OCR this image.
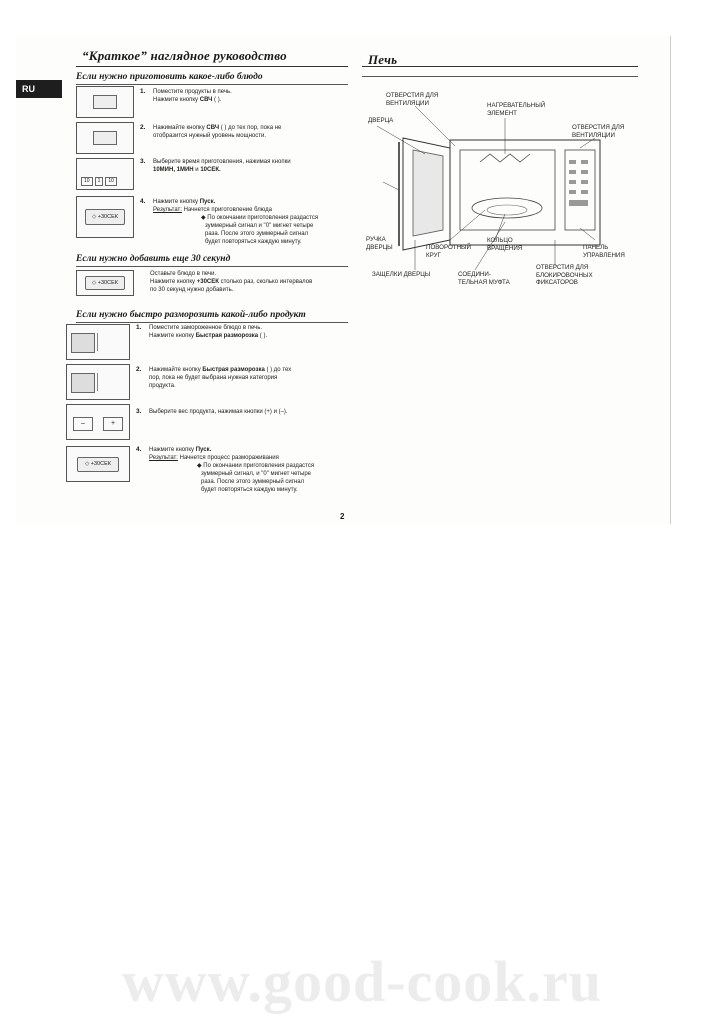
RU
“Краткое” наглядное руководство
Если нужно приготовить какое-либо блюдо
1. Поместите продукты в печь.
Нажмите кнопку СВЧ ( ).
2. Нажимайте кнопку СВЧ ( ) до тех пор, пока не
отобразится нужный уровень мощности.
10 1 10
3. Выберите время приготовления, нажимая кнопки
10МИН, 1МИН и 10СЕК.
◇ +30СЕК
4. Нажмите кнопку Пуск.
Результат: Начнется приготовление блюда
◆ По окончании приготовления раздастся
зуммерный сигнал и "0" мигнет четыре
раза. После этого зуммерный сигнал
будет повторяться каждую минуту.
Если нужно добавить еще 30 секунд
◇ +30СЕК
Оставьте блюдо в печи.
Нажмите кнопку +30СЕК столько раз, сколько интервалов
по 30 секунд нужно добавить.
Если нужно быстро разморозить какой-либо продукт
1. Поместите замороженное блюдо в печь.
Нажмите кнопку Быстрая разморозка ( ).
2. Нажимайте кнопку Быстрая разморозка ( ) до тех
пор, пока не будет выбрана нужная категория
продукта.
–	+
3. Выберите вес продукта, нажимая кнопки (+) и (–).
◇ +30СЕК
4. Нажмите кнопку Пуск.
Результат: Начнется процесс размораживания
◆ По окончании приготовления раздастся
зуммерный сигнал, и "0" мигнет четыре
раза. После этого зуммерный сигнал
будет повторяться каждую минуту.
2
Печь
ОТВЕРСТИЯ ДЛЯ
ВЕНТИЛЯЦИИ
ДВЕРЦА
НАГРЕВАТЕЛЬНЫЙ
ЭЛЕМЕНТ
ОТВЕРСТИЯ ДЛЯ
ВЕНТИЛЯЦИИ
РУЧКА
ДВЕРЦЫ	ПОВОРОТНЫЙ
КРУГ
КОЛЬЦО
ВРАЩЕНИЯ	ПАНЕЛЬ
УПРАВЛЕНИЯ
ЗАЩЕЛКИ ДВЕРЦЫ	СОЕДИНИ-
ТЕЛЬНАЯ МУФТА
ОТВЕРСТИЯ ДЛЯ
БЛОКИРОВОЧНЫХ
ФИКСАТОРОВ
www.good-cook.ru
